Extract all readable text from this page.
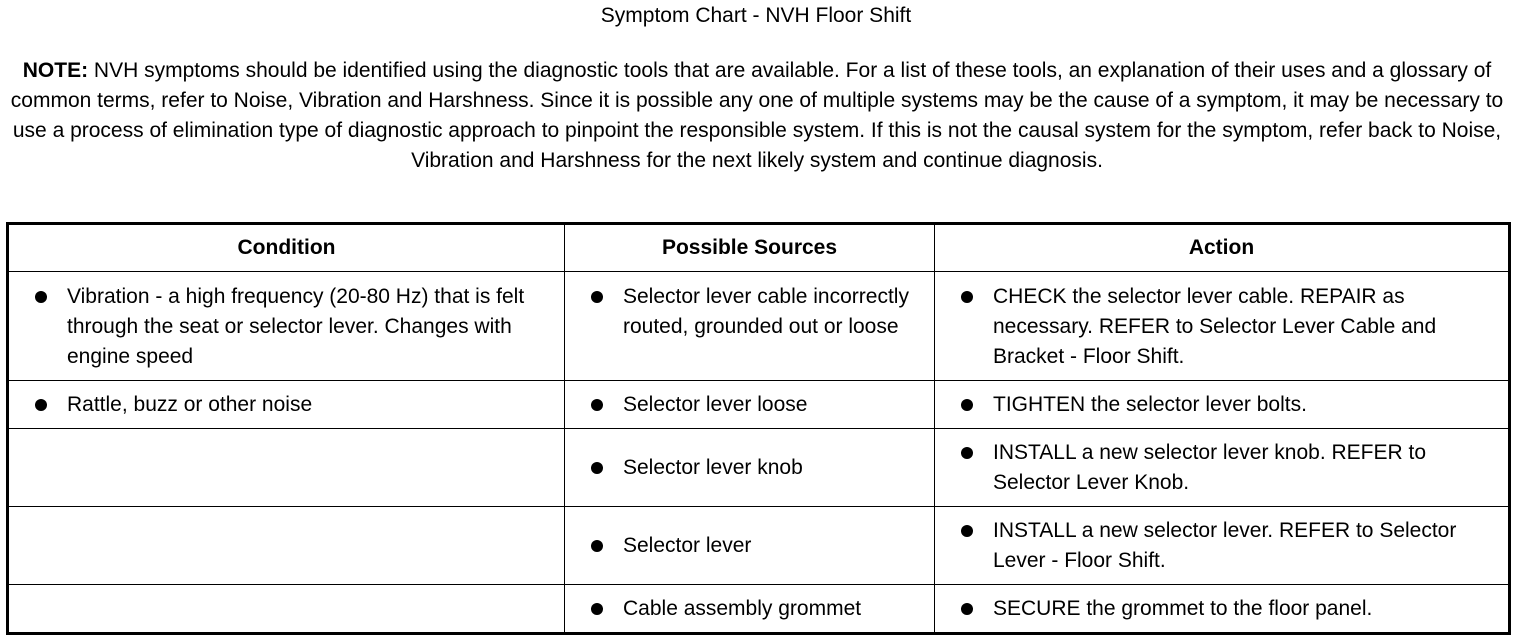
Symptom Chart - NVH Floor Shift
NOTE: NVH symptoms should be identified using the diagnostic tools that are available. For a list of these tools, an explanation of their uses and a glossary of common terms, refer to Noise, Vibration and Harshness. Since it is possible any one of multiple systems may be the cause of a symptom, it may be necessary to use a process of elimination type of diagnostic approach to pinpoint the responsible system. If this is not the causal system for the symptom, refer back to Noise, Vibration and Harshness for the next likely system and continue diagnosis.
Condition	Possible Sources	Action

Vibration - a high frequency (20-80 Hz) that is felt through the seat or selector lever. Changes with engine speed	Selector lever cable incorrectly routed, grounded out or loose	CHECK the selector lever cable. REPAIR as necessary. REFER to Selector Lever Cable and Bracket - Floor Shift.

Rattle, buzz or other noise	Selector lever loose	TIGHTEN the selector lever bolts.

	Selector lever knob	INSTALL a new selector lever knob. REFER to Selector Lever Knob.

	Selector lever	INSTALL a new selector lever. REFER to Selector Lever - Floor Shift.

	Cable assembly grommet	SECURE the grommet to the floor panel.
